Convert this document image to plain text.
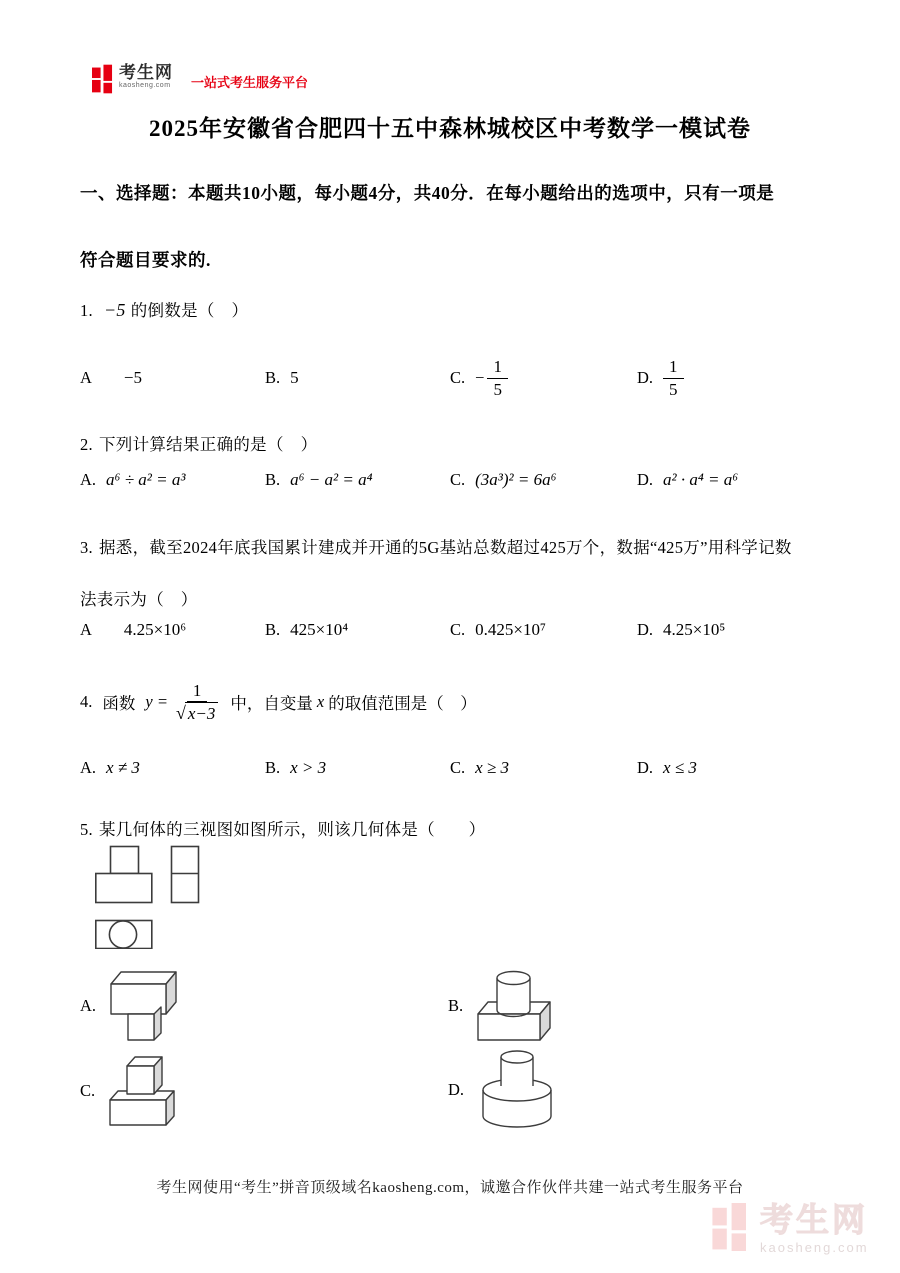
考生网
kaosheng.com 一站式考生服务平台
2025年安徽省合肥四十五中森林城校区中考数学一模试卷
一、选择题：本题共10小题，每小题4分，共40分．在每小题给出的选项中，只有一项是
符合题目要求的.
1. −5 的倒数是（　）
A −5	B. 5	C. − $\frac{1}{5}$	D. $\frac{1}{5}$
2. 下列计算结果正确的是（　）
A. a⁶ ÷ a² = a³	B. a⁶ − a² = a⁴	C. (3a³)² = 6a⁶	D. a² · a⁴ = a⁶
3. 据悉，截至2024年底我国累计建成并开通的5G基站总数超过425万个，数据“425万”用科学记数
法表示为（　）
A 4.25×10⁶	B. 425×10⁴	C. 0.425×10⁷	D. 4.25×10⁵
4. 函数 $y = \frac{1}{√ x-3}$ 中，自变量 x 的取值范围是（　）
A. x ≠ 3	B. x > 3	C. x ≥ 3	D. x ≤ 3
5. 某几何体的三视图如图所示，则该几何体是（　　）
A.	B.
C.	D.
考生网使用“考生”拼音顶级域名kaosheng.com，诚邀合作伙伴共建一站式考生服务平台
考生网
kaosheng.com
